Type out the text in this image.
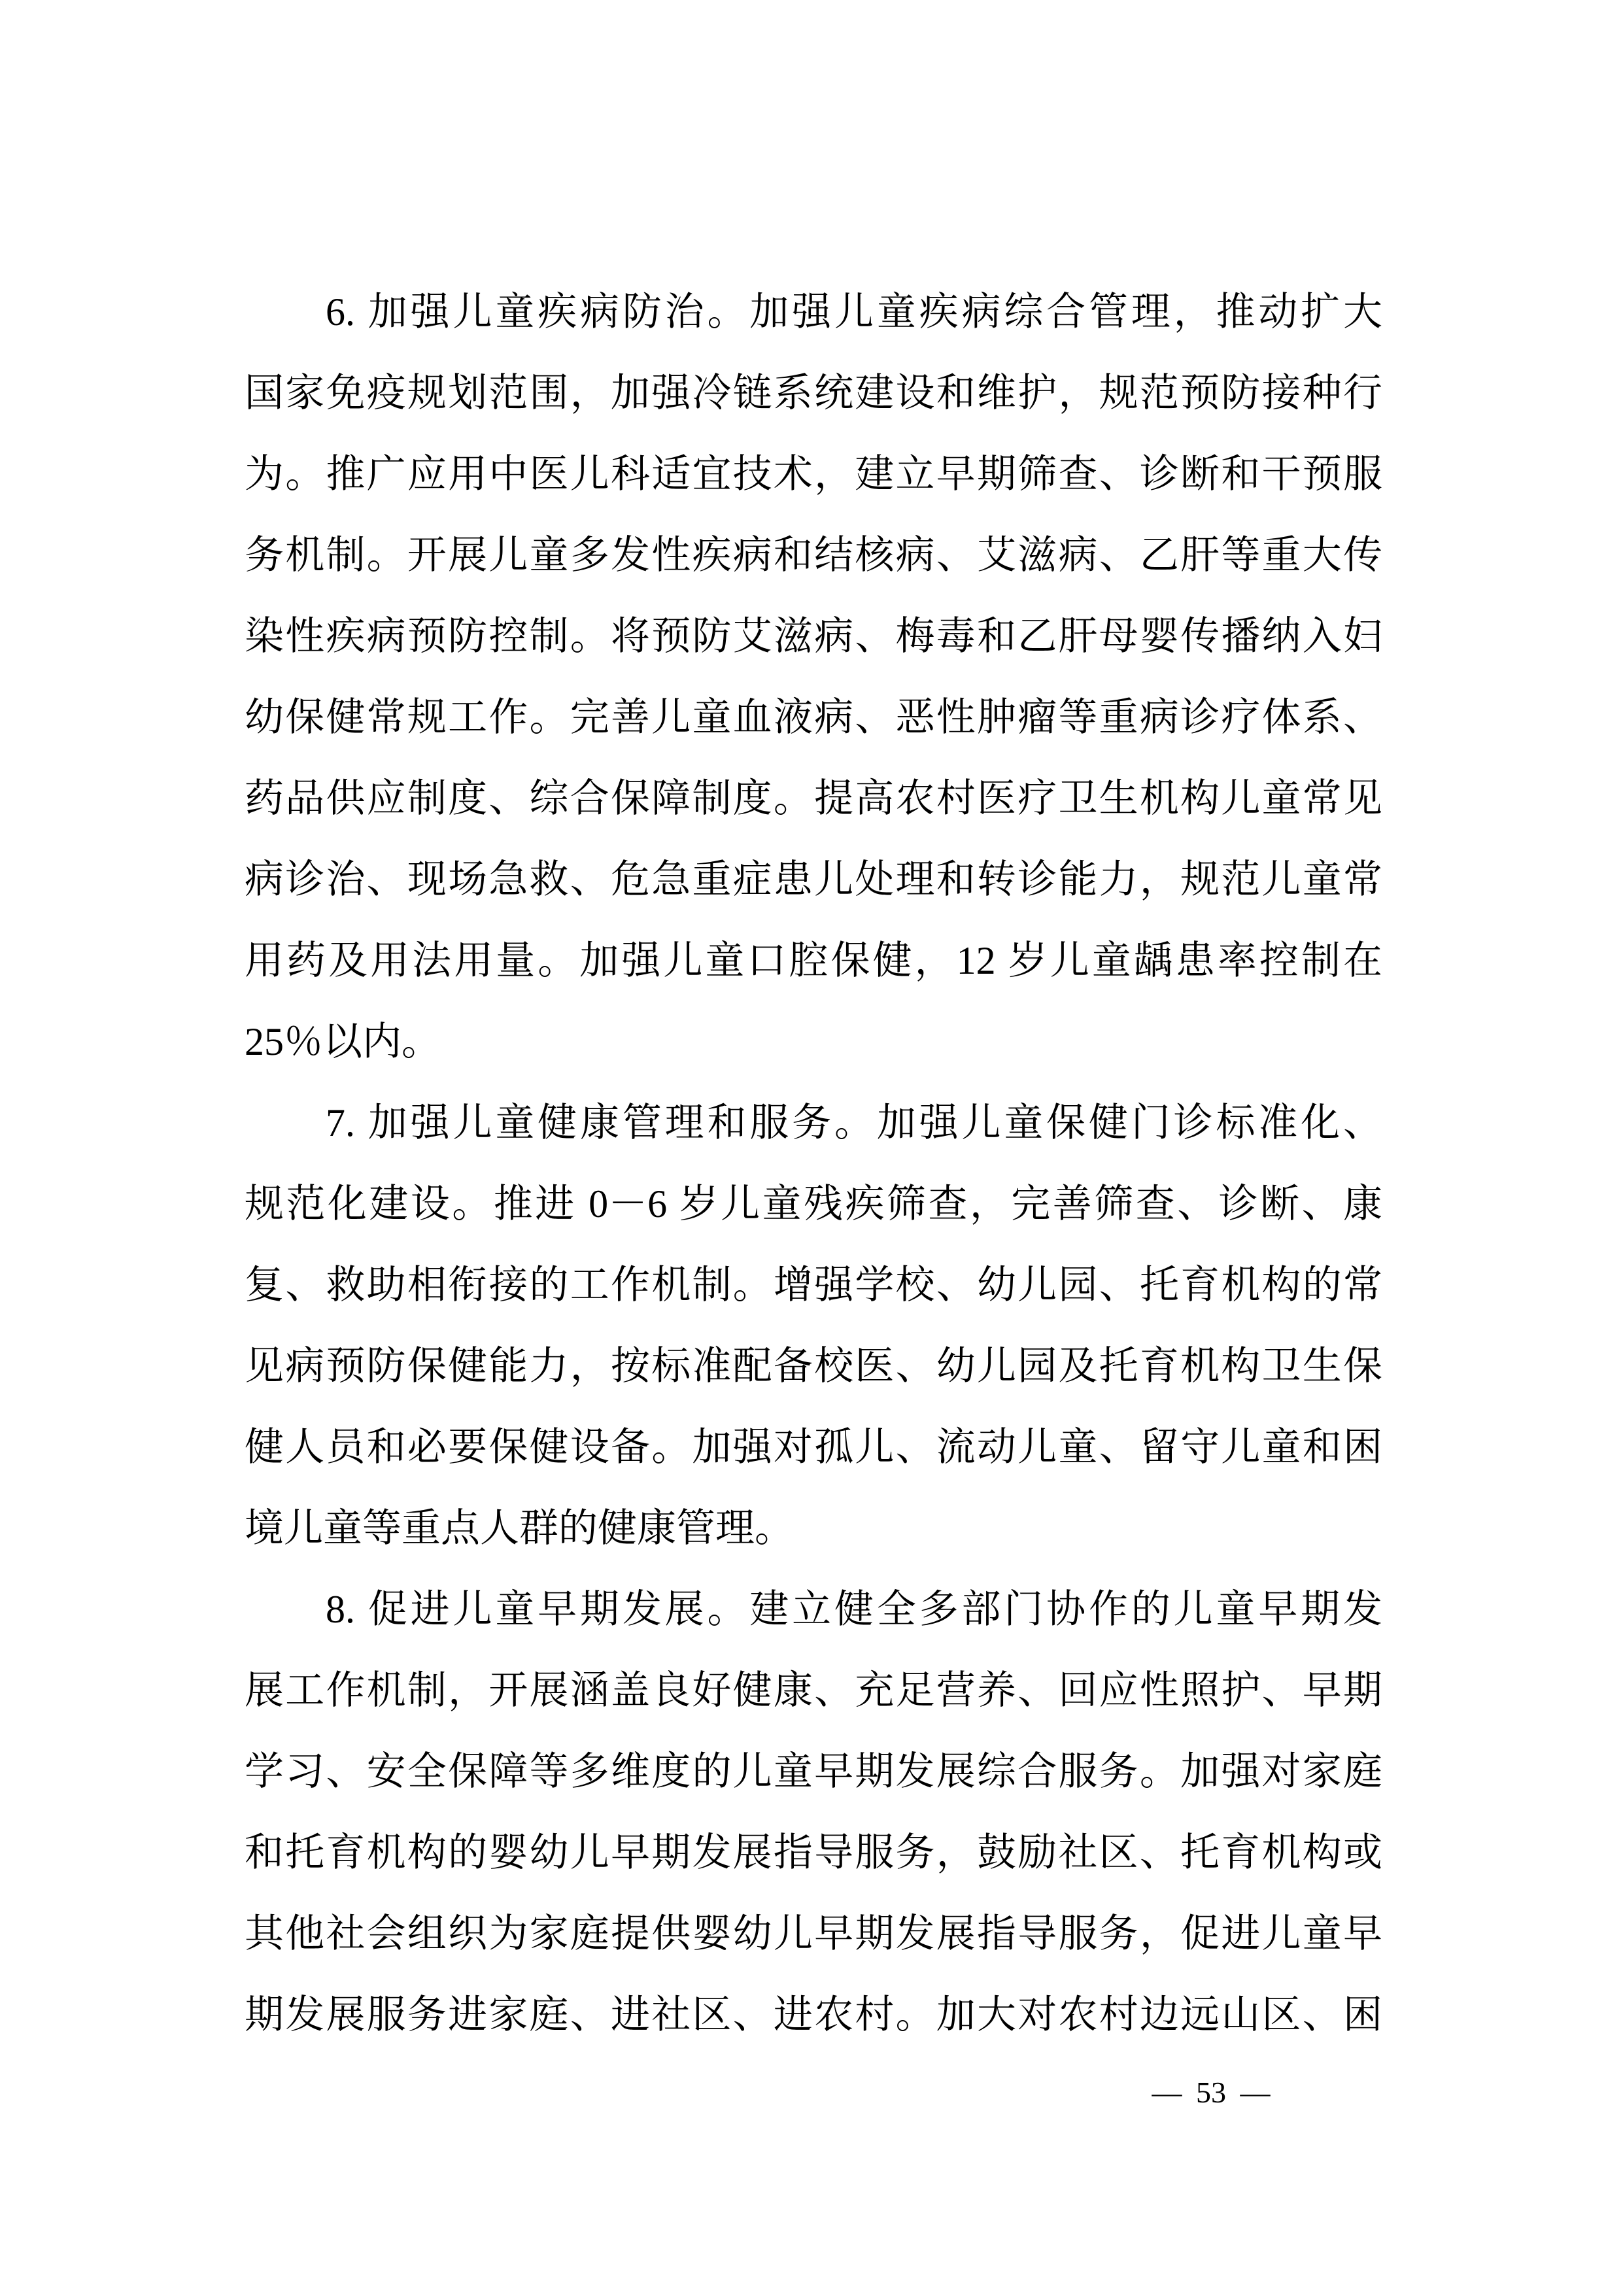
6. 加强儿童疾病防治。加强儿童疾病综合管理，推动扩大
国家免疫规划范围，加强冷链系统建设和维护，规范预防接种行
为。推广应用中医儿科适宜技术，建立早期筛查、诊断和干预服
务机制。开展儿童多发性疾病和结核病、艾滋病、乙肝等重大传
染性疾病预防控制。将预防艾滋病、梅毒和乙肝母婴传播纳入妇
幼保健常规工作。完善儿童血液病、恶性肿瘤等重病诊疗体系、
药品供应制度、综合保障制度。提高农村医疗卫生机构儿童常见
病诊治、现场急救、危急重症患儿处理和转诊能力，规范儿童常
用药及用法用量。加强儿童口腔保健，12 岁儿童龋患率控制在
25％以内。
7. 加强儿童健康管理和服务。加强儿童保健门诊标准化、
规范化建设。推进 0－6 岁儿童残疾筛查，完善筛查、诊断、康
复、救助相衔接的工作机制。增强学校、幼儿园、托育机构的常
见病预防保健能力，按标准配备校医、幼儿园及托育机构卫生保
健人员和必要保健设备。加强对孤儿、流动儿童、留守儿童和困
境儿童等重点人群的健康管理。
8. 促进儿童早期发展。建立健全多部门协作的儿童早期发
展工作机制，开展涵盖良好健康、充足营养、回应性照护、早期
学习、安全保障等多维度的儿童早期发展综合服务。加强对家庭
和托育机构的婴幼儿早期发展指导服务，鼓励社区、托育机构或
其他社会组织为家庭提供婴幼儿早期发展指导服务，促进儿童早
期发展服务进家庭、进社区、进农村。加大对农村边远山区、困
— 53 —
